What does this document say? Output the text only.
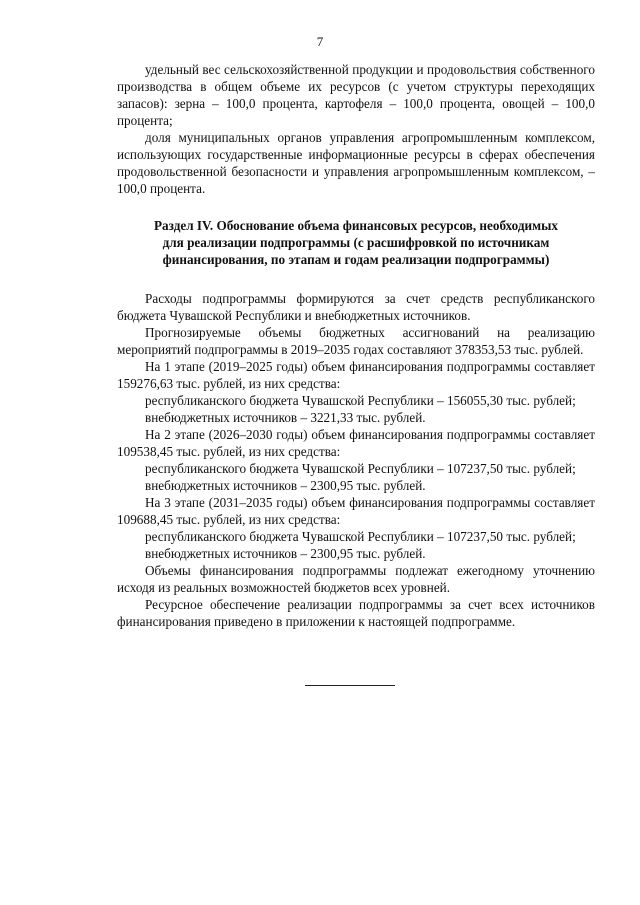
7

удельный вес сельскохозяйственной продукции и продовольствия собственного производства в общем объеме их ресурсов (с учетом структуры переходящих запасов): зерна – 100,0 процента, картофеля – 100,0 процента, овощей – 100,0 процента;

доля муниципальных органов управления агропромышленным комплексом, использующих государственные информационные ресурсы в сферах обеспечения продовольственной безопасности и управления агропромышленным комплексом, – 100,0 процента.

Раздел IV. Обоснование объема финансовых ресурсов, необходимых
для реализации подпрограммы (с расшифровкой по источникам
финансирования, по этапам и годам реализации подпрограммы)

Расходы подпрограммы формируются за счет средств республиканского бюджета Чувашской Республики и внебюджетных источников.

Прогнозируемые объемы бюджетных ассигнований на реализацию мероприятий подпрограммы в 2019–2035 годах составляют 378353,53 тыс. рублей.

На 1 этапе (2019–2025 годы) объем финансирования подпрограммы составляет 159276,63 тыс. рублей, из них средства:

республиканского бюджета Чувашской Республики – 156055,30 тыс. рублей;

внебюджетных источников – 3221,33 тыс. рублей.

На 2 этапе (2026–2030 годы) объем финансирования подпрограммы составляет 109538,45 тыс. рублей, из них средства:

республиканского бюджета Чувашской Республики – 107237,50 тыс. рублей;

внебюджетных источников – 2300,95 тыс. рублей.

На 3 этапе (2031–2035 годы) объем финансирования подпрограммы составляет 109688,45 тыс. рублей, из них средства:

республиканского бюджета Чувашской Республики – 107237,50 тыс. рублей;

внебюджетных источников – 2300,95 тыс. рублей.

Объемы финансирования подпрограммы подлежат ежегодному уточнению исходя из реальных возможностей бюджетов всех уровней.

Ресурсное обеспечение реализации подпрограммы за счет всех источников финансирования приведено в приложении к настоящей подпрограмме.
